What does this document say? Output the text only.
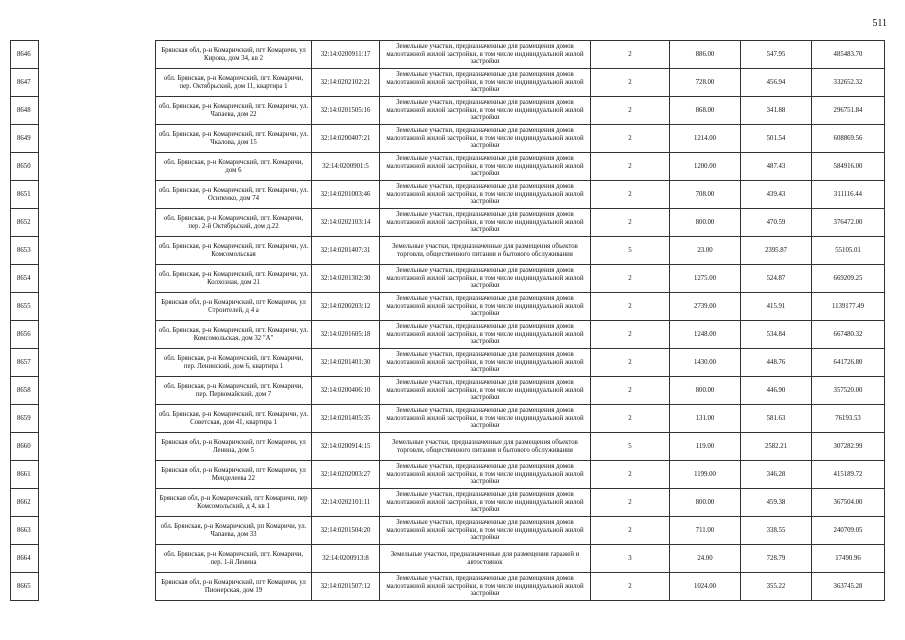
511
8646		Брянская обл, р-н Комаричский, пгт Комаричи, ул Кирова, дом 34, кв 2	32:14:0200911:17	Земельные участки, предназначенные для размещения домов малоэтажной жилой застройки, в том числе индивидуальной жилой застройки	2	886.00	547.95	485483.70
8647		обл. Брянская, р-н Комаричский, пгт. Комаричи, пер. Октябрьский, дом 11, квартира 1	32:14:0202102:21	Земельные участки, предназначенные для размещения домов малоэтажной жилой застройки, в том числе индивидуальной жилой застройки	2	728.00	456.94	332652.32
8648		обл. Брянская, р-н Комаричский, пгт. Комаричи, ул. Чапаева, дом 22	32:14:0201505:16	Земельные участки, предназначенные для размещения домов малоэтажной жилой застройки, в том числе индивидуальной жилой застройки	2	868.00	341.88	296751.84
8649		обл. Брянская, р-н Комаричский, пгт. Комаричи, ул. Чкалова, дом 15	32:14:0200407:21	Земельные участки, предназначенные для размещения домов малоэтажной жилой застройки, в том числе индивидуальной жилой застройки	2	1214.00	501.54	608869.56
8650		обл. Брянская, р-н Комаричский, пгт. Комаричи, дом 6	32:14:0200901:5	Земельные участки, предназначенные для размещения домов малоэтажной жилой застройки, в том числе индивидуальной жилой застройки	2	1200.00	487.43	584916.00
8651		обл. Брянская, р-н Комаричский, пгт. Комаричи, ул. Осипенко, дом 74	32:14:0201003:46	Земельные участки, предназначенные для размещения домов малоэтажной жилой застройки, в том числе индивидуальной жилой застройки	2	708.00	439.43	311116.44
8652		обл. Брянская, р-н Комаричский, пгт. Комаричи, пер. 2-й Октябрьский, дом д.22	32:14:0202103:14	Земельные участки, предназначенные для размещения домов малоэтажной жилой застройки, в том числе индивидуальной жилой застройки	2	800.00	470.59	376472.00
8653		обл. Брянская, р-н Комаричский, пгт. Комаричи, ул. Комсомольская	32:14:0201407:31	Земельные участки, предназначенные для размещения объектов торговли, общественного питания и бытового обслуживания	5	23.00	2395.87	55105.01
8654		обл. Брянская, р-н Комаричский, пгт. Комаричи, ул. Колхозная, дом 21	32:14:0201302:30	Земельные участки, предназначенные для размещения домов малоэтажной жилой застройки, в том числе индивидуальной жилой застройки	2	1275.00	524.87	669209.25
8655		Брянская обл, р-н Комаричский, пгт Комаричи, ул Строителей, д 4 а	32:14:0200203:12	Земельные участки, предназначенные для размещения домов малоэтажной жилой застройки, в том числе индивидуальной жилой застройки	2	2739.00	415.91	1139177.49
8656		обл. Брянская, р-н Комаричский, пгт. Комаричи, ул. Комсомольская, дом 32 "А"	32:14:0201605:18	Земельные участки, предназначенные для размещения домов малоэтажной жилой застройки, в том числе индивидуальной жилой застройки	2	1248.00	534.84	667480.32
8657		обл. Брянская, р-н Комаричский, пгт. Комаричи, пер. Ленинский, дом 6, квартира 1	32:14:0201401:30	Земельные участки, предназначенные для размещения домов малоэтажной жилой застройки, в том числе индивидуальной жилой застройки	2	1430.00	448.76	641726.80
8658		обл. Брянская, р-н Комаричский, пгт. Комаричи, пер. Первомайский, дом 7	32:14:0200406:10	Земельные участки, предназначенные для размещения домов малоэтажной жилой застройки, в том числе индивидуальной жилой застройки	2	800.00	446.90	357520.00
8659		обл. Брянская, р-н Комаричский, пгт. Комаричи, ул. Советская, дом 41, квартира 1	32:14:0201405:35	Земельные участки, предназначенные для размещения домов малоэтажной жилой застройки, в том числе индивидуальной жилой застройки	2	131.00	581.63	76193.53
8660		Брянская обл, р-н Комаричский, пгт Комаричи, ул Ленина, дом 5	32:14:0200914:15	Земельные участки, предназначенные для размещения объектов торговли, общественного питания и бытового обслуживания	5	119.00	2582.21	307282.99
8661		Брянская обл, р-н Комаричский, пгт Комаричи, ул Менделеева 22	32:14:0202003:27	Земельные участки, предназначенные для размещения домов малоэтажной жилой застройки, в том числе индивидуальной жилой застройки	2	1199.00	346.28	415189.72
8662		Брянская обл, р-н Комаричский, пгт Комаричи, пер Комсомольский, д 4, кв 1	32:14:0202101:11	Земельные участки, предназначенные для размещения домов малоэтажной жилой застройки, в том числе индивидуальной жилой застройки	2	800.00	459.38	367504.00
8663		обл. Брянская, р-н Комаричский, рп Комаричи, ул. Чапаева, дом 33	32:14:0201504:20	Земельные участки, предназначенные для размещения домов малоэтажной жилой застройки, в том числе индивидуальной жилой застройки	2	711.00	338.55	240709.05
8664		обл. Брянская, р-н Комаричский, пгт. Комаричи, пер. 1-й Ленина	32:14:0200913:8	Земельные участки, предназначенные для размещения гаражей и автостоянок	3	24.00	728.79	17490.96
8665		Брянская обл, р-н Комаричский, пгт Комаричи, ул Пионерская, дом 19	32:14:0201507:12	Земельные участки, предназначенные для размещения домов малоэтажной жилой застройки, в том числе индивидуальной жилой застройки	2	1024.00	355.22	363745.28
